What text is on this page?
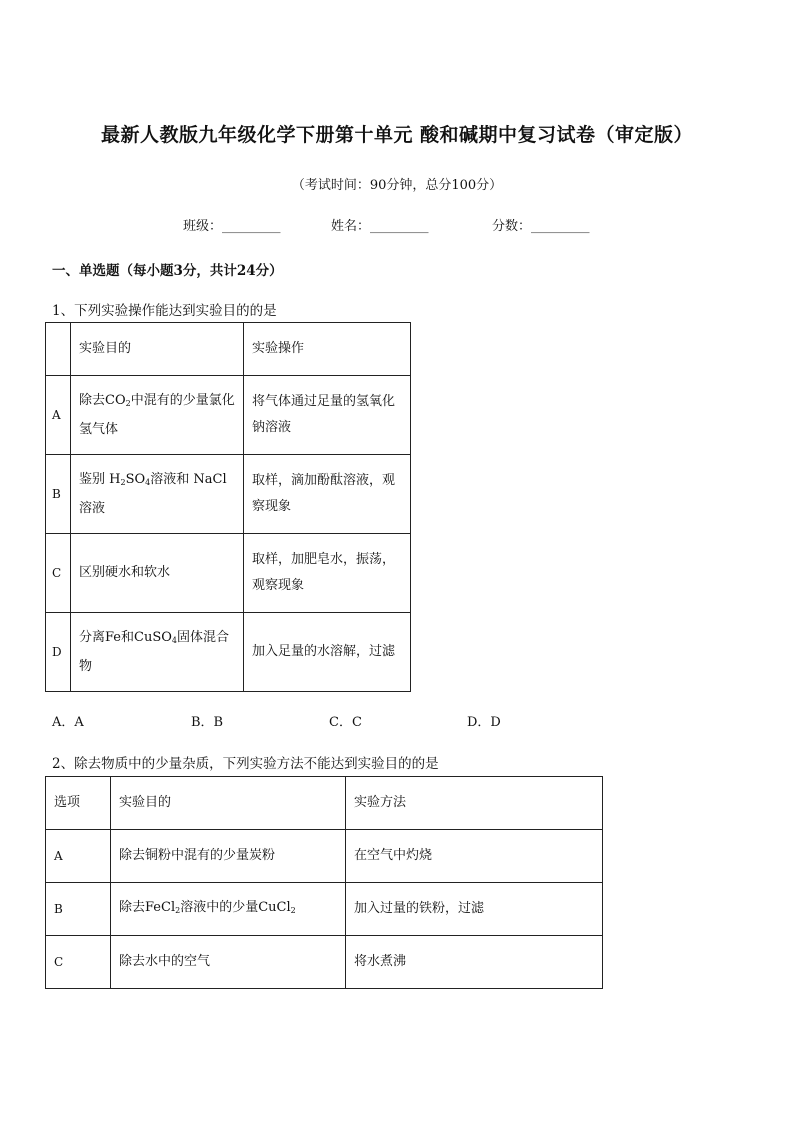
最新人教版九年级化学下册第十单元 酸和碱期中复习试卷（审定版）
（考试时间：90分钟，总分100分）
班级：_________	姓名：_________	分数：_________
一、单选题（每小题3分，共计24分）
1、下列实验操作能达到实验目的的是
	实验目的	实验操作
A	除去$CO_2$中混有的少量氯化氢气体	将气体通过足量的氢氧化钠溶液
B	鉴别 $H_2SO_4$溶液和 NaCl 溶液	取样，滴加酚酞溶液，观察现象
C	区别硬水和软水	取样，加肥皂水，振荡，观察现象
D	分离Fe和CuSO$_4$固体混合物	加入足量的水溶解，过滤
A．A	B．B	C．C	D．D
2、除去物质中的少量杂质，下列实验方法不能达到实验目的的是
选项	实验目的	实验方法
A	除去铜粉中混有的少量炭粉	在空气中灼烧
B	除去FeCl$_2$溶液中的少量CuCl$_2$	加入过量的铁粉，过滤
C	除去水中的空气	将水煮沸
